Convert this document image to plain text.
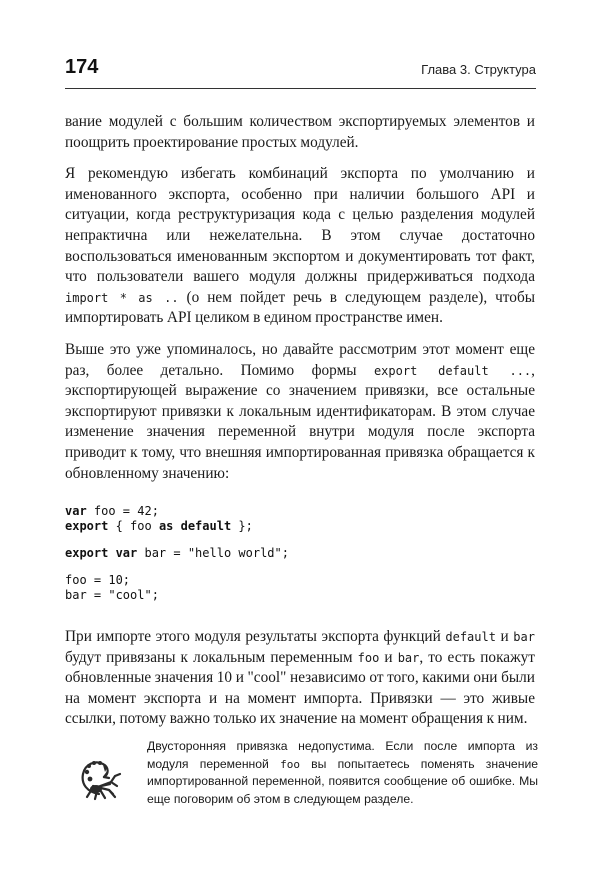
174	Глава 3. Структура

вание модулей с большим количеством экспортируемых элементов и поощрить проектирование простых модулей.

Я рекомендую избегать комбинаций экспорта по умолчанию и именованного экспорта, особенно при наличии большого API и ситуации, когда реструктуризация кода с целью разделения модулей непрактична или нежелательна. В этом случае достаточно воспользоваться именованным экспортом и документировать тот факт, что пользователи вашего модуля должны придерживаться подхода import * as .. (о нем пойдет речь в следующем разделе), чтобы импортировать API целиком в едином пространстве имен.

Выше это уже упоминалось, но давайте рассмотрим этот момент еще раз, более детально. Помимо формы export default ..., экспортирующей выражение со значением привязки, все остальные экспортируют привязки к локальным идентификаторам. В этом случае изменение значения переменной внутри модуля после экспорта приводит к тому, что внешняя импортированная привязка обращается к обновленному значению:

var foo = 42;
export { foo as default };
export var bar = "hello world";
foo = 10;
bar = "cool";

При импорте этого модуля результаты экспорта функций default и bar будут привязаны к локальным переменным foo и bar, то есть покажут обновленные значения 10 и "cool" независимо от того, какими они были на момент экспорта и на момент импорта. Привязки — это живые ссылки, потому важно только их значение на момент обращения к ним.

Двусторонняя привязка недопустима. Если после импорта из модуля переменной foo вы попытаетесь поменять значение импортированной переменной, появится сообщение об ошибке. Мы еще поговорим об этом в следующем разделе.
